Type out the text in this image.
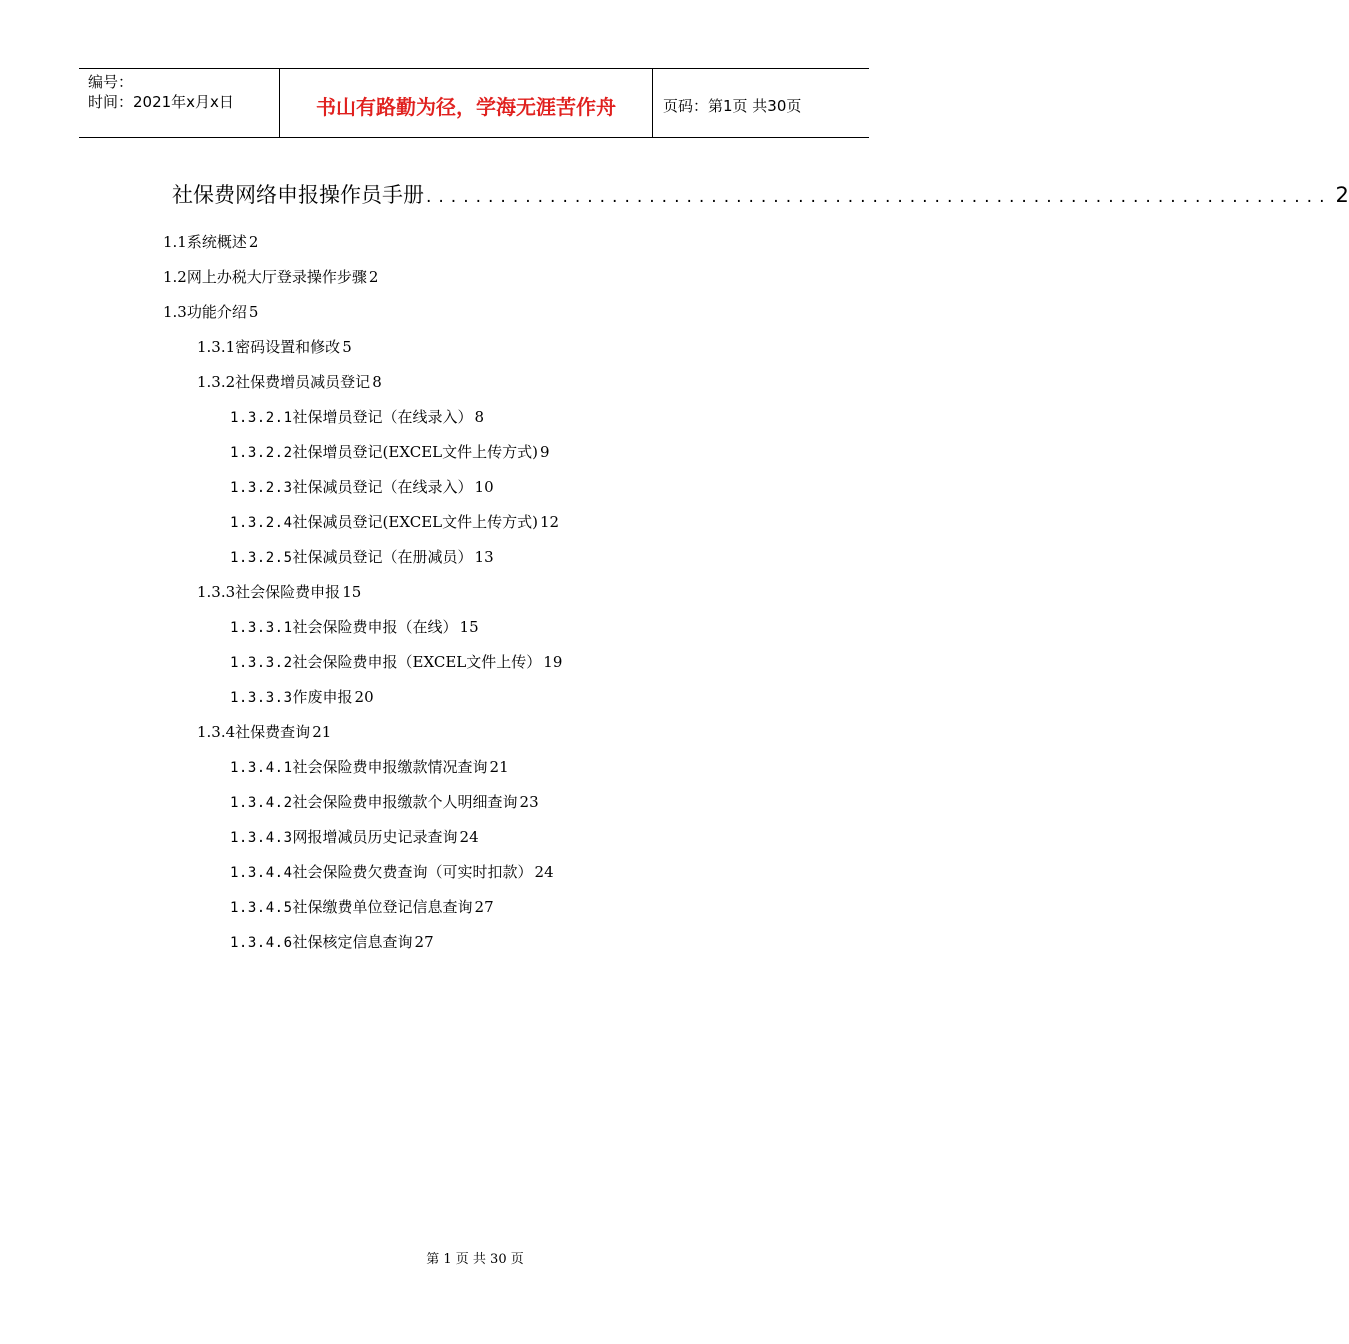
编号：
时间：2021年x月x日	书山有路勤为径，学海无涯苦作舟	页码：第1页 共30页
社保费网络申报操作员手册 ......................................................................... 2
1.1 系统概述 2
1.2 网上办税大厅登录操作步骤 2
1.3 功能介绍 5
1.3.1 密码设置和修改 5
1.3.2 社保费增员减员登记 8
1.3.2.1 社保增员登记（在线录入） 8
1.3.2.2 社保增员登记(EXCEL文件上传方式) 9
1.3.2.3 社保减员登记（在线录入） 10
1.3.2.4 社保减员登记(EXCEL文件上传方式) 12
1.3.2.5 社保减员登记（在册减员） 13
1.3.3 社会保险费申报 15
1.3.3.1 社会保险费申报（在线） 15
1.3.3.2 社会保险费申报（EXCEL文件上传） 19
1.3.3.3 作废申报 20
1.3.4 社保费查询 21
1.3.4.1 社会保险费申报缴款情况查询 21
1.3.4.2 社会保险费申报缴款个人明细查询 23
1.3.4.3 网报增减员历史记录查询 24
1.3.4.4 社会保险费欠费查询（可实时扣款） 24
1.3.4.5 社保缴费单位登记信息查询 27
1.3.4.6 社保核定信息查询 27
第 1 页 共 30 页
